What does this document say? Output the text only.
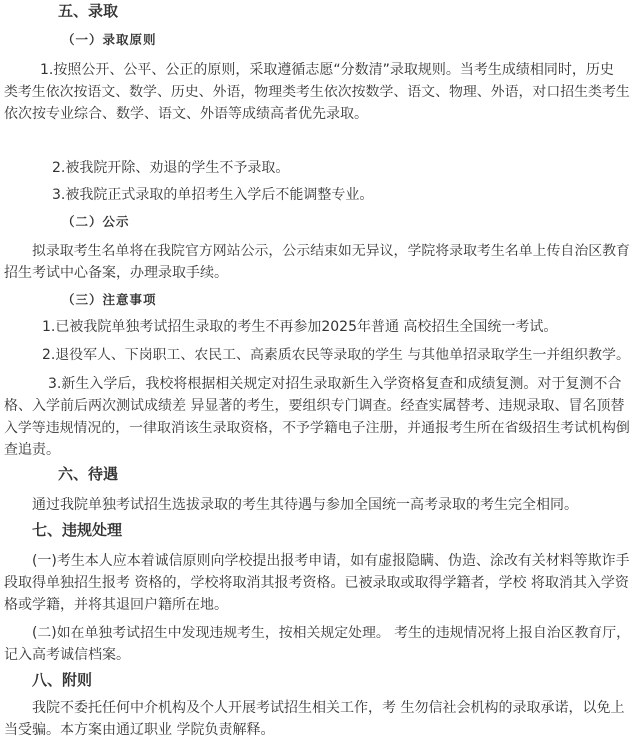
五、录取
（一）录取原则
1.按照公开、公平、公正的原则，采取遵循志愿“分数清”录取规则。当考生成绩相同时，历史
类考生依次按语文、数学、历史、外语，物理类考生依次按数学、语文、物理、外语，对口招生类考生
依次按专业综合、数学、语文、外语等成绩高者优先录取。
2.被我院开除、劝退的学生不予录取。
3.被我院正式录取的单招考生入学后不能调整专业。
（二）公示
拟录取考生名单将在我院官方网站公示，公示结束如无异议，学院将录取考生名单上传自治区教育
招生考试中心备案，办理录取手续。
（三）注意事项
1.已被我院单独考试招生录取的考生不再参加2025年普通 高校招生全国统一考试。
2.退役军人、下岗职工、农民工、高素质农民等录取的学生 与其他单招录取学生一并组织教学。
3.新生入学后，我校将根据相关规定对招生录取新生入学资格复查和成绩复测。对于复测不合
格、入学前后两次测试成绩差 异显著的考生，要组织专门调查。经查实属替考、违规录取、冒名顶替
入学等违规情况的，一律取消该生录取资格，不予学籍电子注册，并通报考生所在省级招生考试机构倒
查追责。
六、待遇
通过我院单独考试招生选拔录取的考生其待遇与参加全国统一高考录取的考生完全相同。
七、违规处理
(一)考生本人应本着诚信原则向学校提出报考申请，如有虚报隐瞒、伪造、涂改有关材料等欺诈手
段取得单独招生报考 资格的，学校将取消其报考资格。已被录取或取得学籍者，学校 将取消其入学资
格或学籍，并将其退回户籍所在地。
(二)如在单独考试招生中发现违规考生，按相关规定处理。 考生的违规情况将上报自治区教育厅，
记入高考诚信档案。
八、附则
我院不委托任何中介机构及个人开展考试招生相关工作，考 生勿信社会机构的录取承诺，以免上
当受骗。本方案由通辽职业 学院负责解释。
